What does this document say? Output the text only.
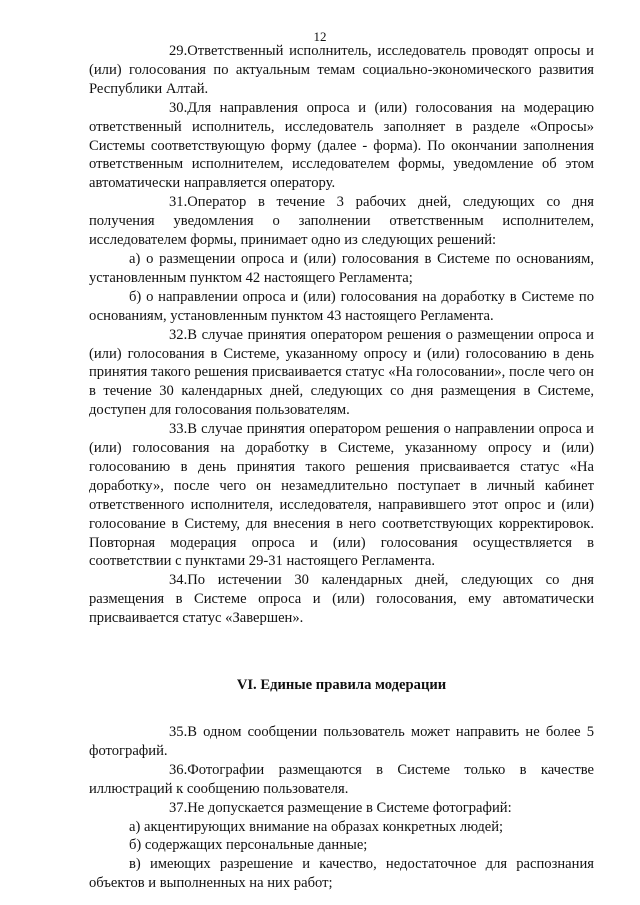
12

29.Ответственный исполнитель, исследователь проводят опросы и (или) голосования по актуальным темам социально-экономического развития Республики Алтай.

30.Для направления опроса и (или) голосования на модерацию ответственный исполнитель, исследователь заполняет в разделе «Опросы» Системы соответствующую форму (далее - форма). По окончании заполнения ответственным исполнителем, исследователем формы, уведомление об этом автоматически направляется оператору.

31.Оператор в течение 3 рабочих дней, следующих со дня получения уведомления о заполнении ответственным исполнителем, исследователем формы, принимает одно из следующих решений:

а) о размещении опроса и (или) голосования в Системе по основаниям, установленным пунктом 42 настоящего Регламента;

б) о направлении опроса и (или) голосования на доработку в Системе по основаниям, установленным пунктом 43 настоящего Регламента.

32.В случае принятия оператором решения о размещении опроса и (или) голосования в Системе, указанному опросу и (или) голосованию в день принятия такого решения присваивается статус «На голосовании», после чего он в течение 30 календарных дней, следующих со дня размещения в Системе, доступен для голосования пользователям.

33.В случае принятия оператором решения о направлении опроса и (или) голосования на доработку в Системе, указанному опросу и (или) голосованию в день принятия такого решения присваивается статус «На доработку», после чего он незамедлительно поступает в личный кабинет ответственного исполнителя, исследователя, направившего этот опрос и (или) голосование в Систему, для внесения в него соответствующих корректировок. Повторная модерация опроса и (или) голосования осуществляется в соответствии с пунктами 29-31 настоящего Регламента.

34.По истечении 30 календарных дней, следующих со дня размещения в Системе опроса и (или) голосования, ему автоматически присваивается статус «Завершен».

VI. Единые правила модерации

35.В одном сообщении пользователь может направить не более 5 фотографий.

36.Фотографии размещаются в Системе только в качестве иллюстраций к сообщению пользователя.

37.Не допускается размещение в Системе фотографий:

а) акцентирующих внимание на образах конкретных людей;

б) содержащих персональные данные;

в) имеющих разрешение и качество, недостаточное для распознания объектов и выполненных на них работ;
